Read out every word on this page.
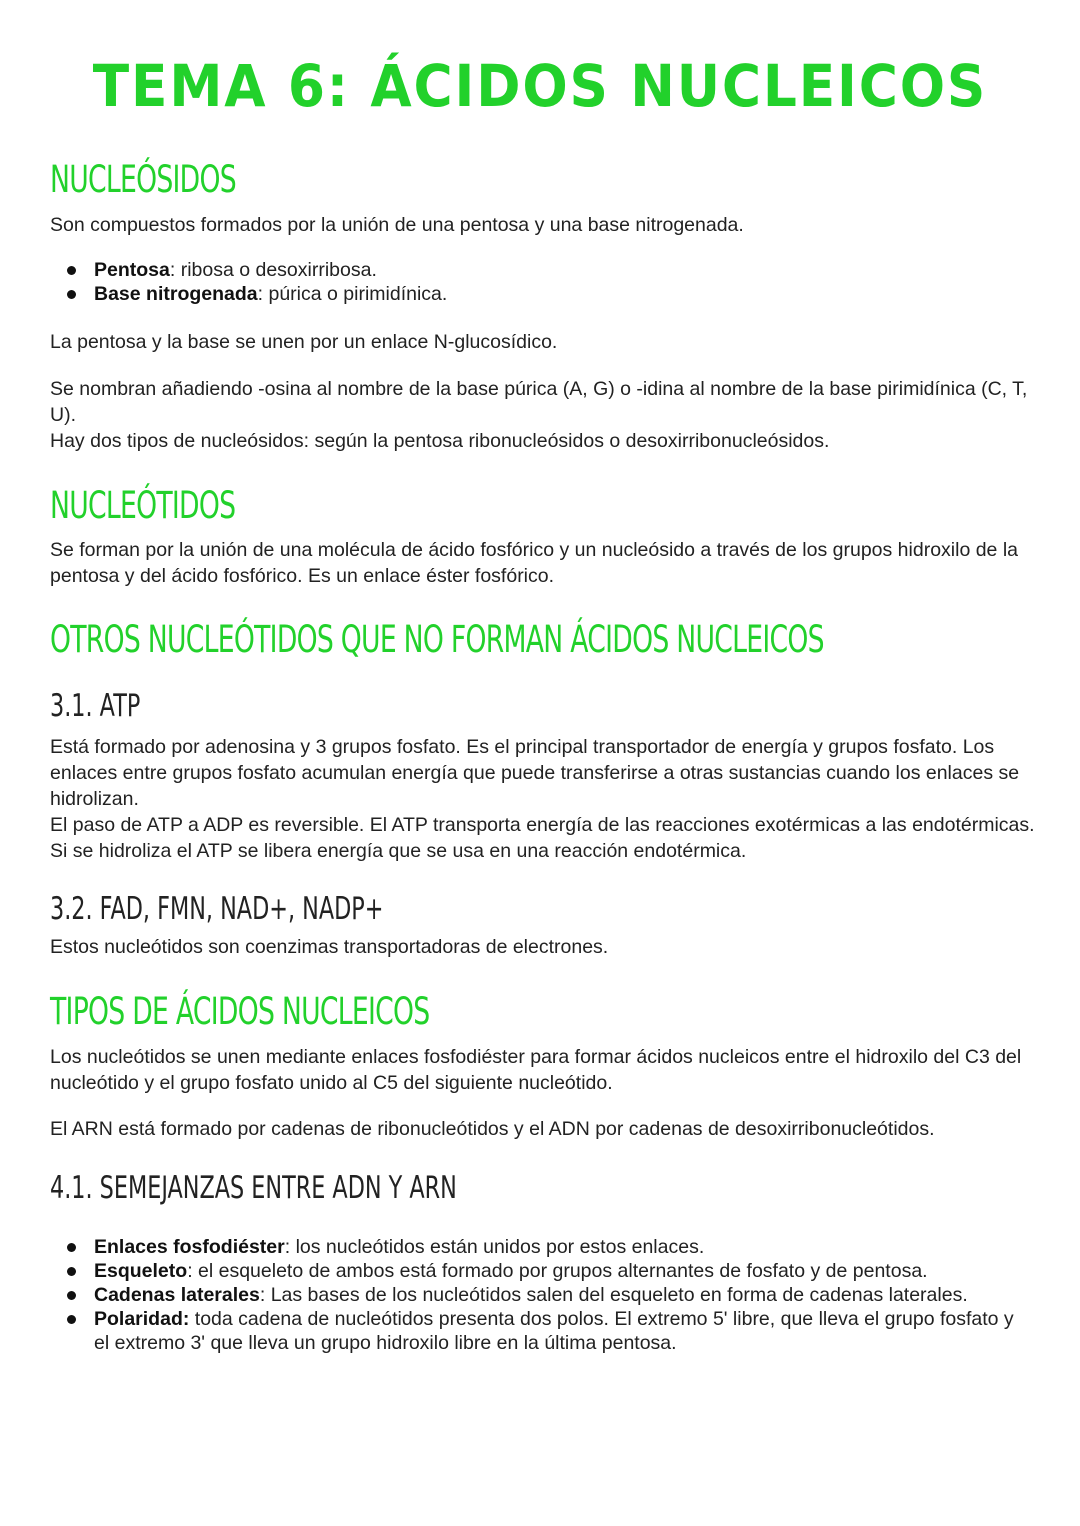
TEMA 6: ÁCIDOS NUCLEICOS
NUCLEÓSIDOS

Son compuestos formados por la unión de una pentosa y una base nitrogenada.

Pentosa: ribosa o desoxirribosa.
Base nitrogenada: púrica o pirimidínica.

La pentosa y la base se unen por un enlace N-glucosídico.

Se nombran añadiendo -osina al nombre de la base púrica (A, G) o -idina al nombre de la base pirimidínica (C, T, U).

Hay dos tipos de nucleósidos: según la pentosa ribonucleósidos o desoxirribonucleósidos.

NUCLEÓTIDOS

Se forman por la unión de una molécula de ácido fosfórico y un nucleósido a través de los grupos hidroxilo de la pentosa y del ácido fosfórico. Es un enlace éster fosfórico.

OTROS NUCLEÓTIDOS QUE NO FORMAN ÁCIDOS NUCLEICOS
3.1. ATP

Está formado por adenosina y 3 grupos fosfato. Es el principal transportador de energía y grupos fosfato. Los enlaces entre grupos fosfato acumulan energía que puede transferirse a otras sustancias cuando los enlaces se hidrolizan.

El paso de ATP a ADP es reversible. El ATP transporta energía de las reacciones exotérmicas a las endotérmicas. Si se hidroliza el ATP se libera energía que se usa en una reacción endotérmica.

3.2. FAD, FMN, NAD+, NADP+

Estos nucleótidos son coenzimas transportadoras de electrones.

TIPOS DE ÁCIDOS NUCLEICOS

Los nucleótidos se unen mediante enlaces fosfodiéster para formar ácidos nucleicos entre el hidroxilo del C3 del nucleótido y el grupo fosfato unido al C5 del siguiente nucleótido.

El ARN está formado por cadenas de ribonucleótidos y el ADN por cadenas de desoxirribonucleótidos.

4.1. SEMEJANZAS ENTRE ADN Y ARN
Enlaces fosfodiéster: los nucleótidos están unidos por estos enlaces.
Esqueleto: el esqueleto de ambos está formado por grupos alternantes de fosfato y de pentosa.
Cadenas laterales: Las bases de los nucleótidos salen del esqueleto en forma de cadenas laterales.
Polaridad: toda cadena de nucleótidos presenta dos polos. El extremo 5' libre, que lleva el grupo fosfato y el extremo 3' que lleva un grupo hidroxilo libre en la última pentosa.
